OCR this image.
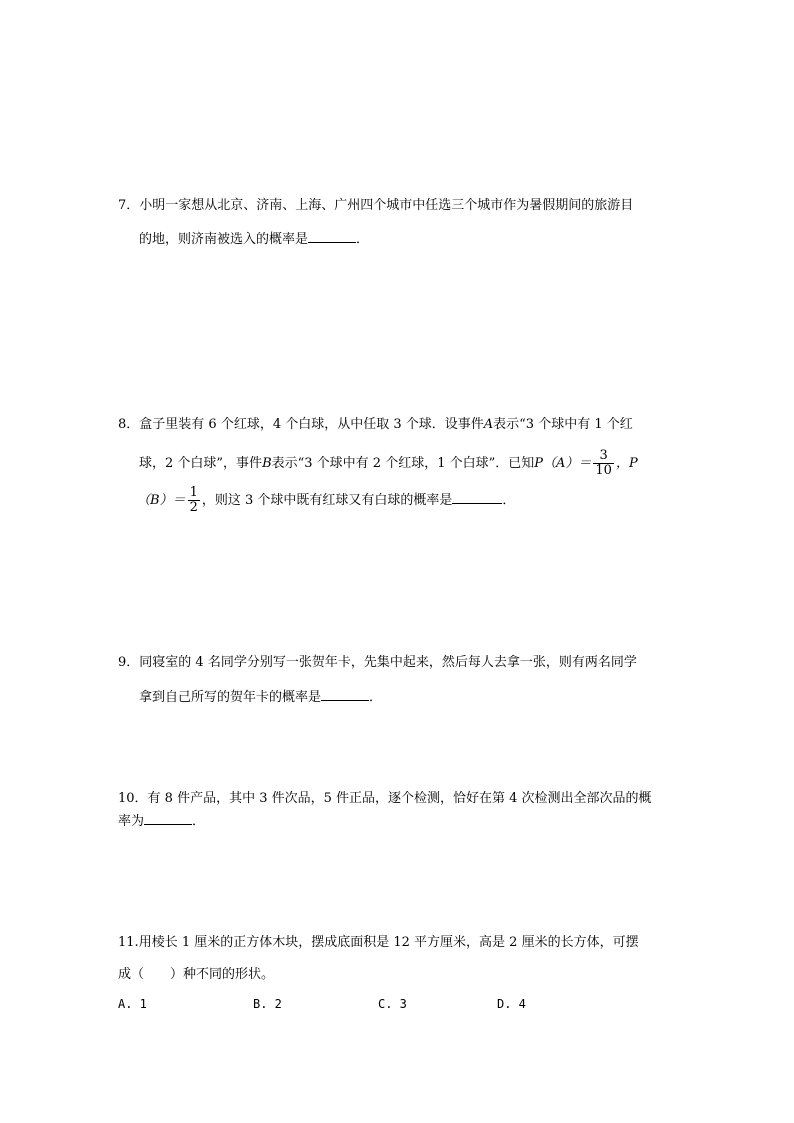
7．小明一家想从北京、济南、上海、广州四个城市中任选三个城市作为暑假期间的旅游目
的地，则济南被选入的概率是	．
8．盒子里装有 6 个红球，4 个白球，从中任取 3 个球．设事件A表示“3 个球中有 1 个红
球，2 个白球”，事件B表示“3 个球中有 2 个红球，1 个白球”．已知$P(A)= \frac{3}{10}$ ，P
$(B)= \frac{1}{2}$ ，则这 3 个球中既有红球又有白球的概率是	．
9．同寝室的 4 名同学分别写一张贺年卡，先集中起来，然后每人去拿一张，则有两名同学
拿到自己所写的贺年卡的概率是	．
10．有 8 件产品，其中 3 件次品，5 件正品，逐个检测，恰好在第 4 次检测出全部次品的概
率为	．
11.用棱长 1 厘米的正方体木块，摆成底面积是 12 平方厘米，高是 2 厘米的长方体，可摆
成（　　）种不同的形状。
A. 1	B. 2	C. 3	D. 4
